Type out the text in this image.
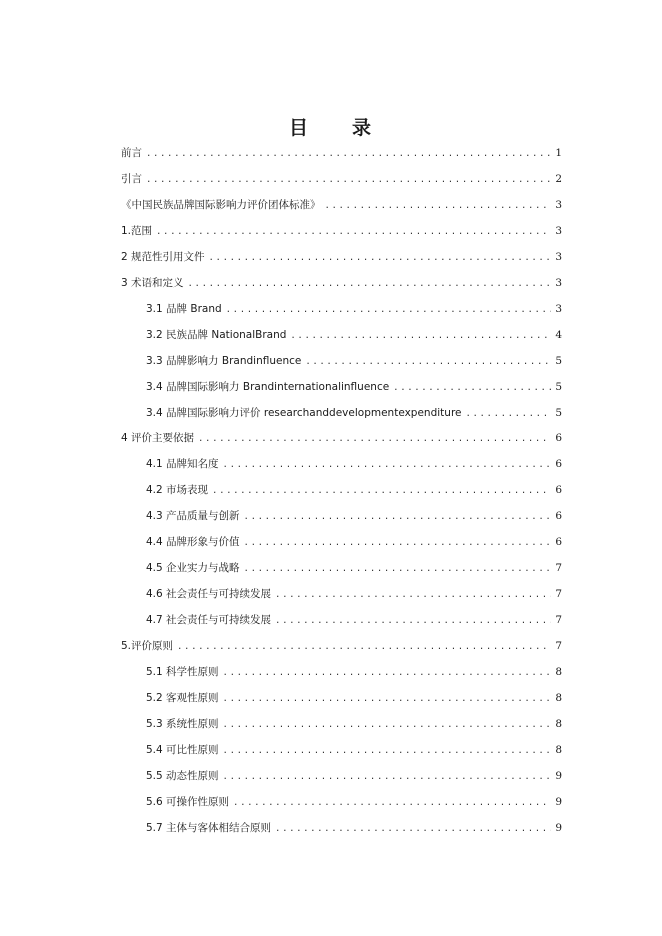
目　　录
前言 .....	1
引言 .....	2
《中国民族品牌国际影响力评价团体标准》 .....	3
1.范围 .....	3
2 规范性引用文件 .....	3
3 术语和定义 .....	3
3.1 品牌 Brand .....	3
3.2 民族品牌 NationalBrand .....	4
3.3 品牌影响力 Brandinfluence .....	5
3.4 品牌国际影响力 Brandinternationalinfluence .....	5
3.4 品牌国际影响力评价 researchanddevelopmentexpenditure .....	5
4 评价主要依据 .....	6
4.1 品牌知名度 .....	6
4.2 市场表现 .....	6
4.3 产品质量与创新 .....	6
4.4 品牌形象与价值 .....	6
4.5 企业实力与战略 .....	7
4.6 社会责任与可持续发展 .....	7
4.7 社会责任与可持续发展 .....	7
5.评价原则 .....	7
5.1 科学性原则 .....	8
5.2 客观性原则 .....	8
5.3 系统性原则 .....	8
5.4 可比性原则 .....	8
5.5 动态性原则 .....	9
5.6 可操作性原则 .....	9
5.7 主体与客体相结合原则 .....	9
